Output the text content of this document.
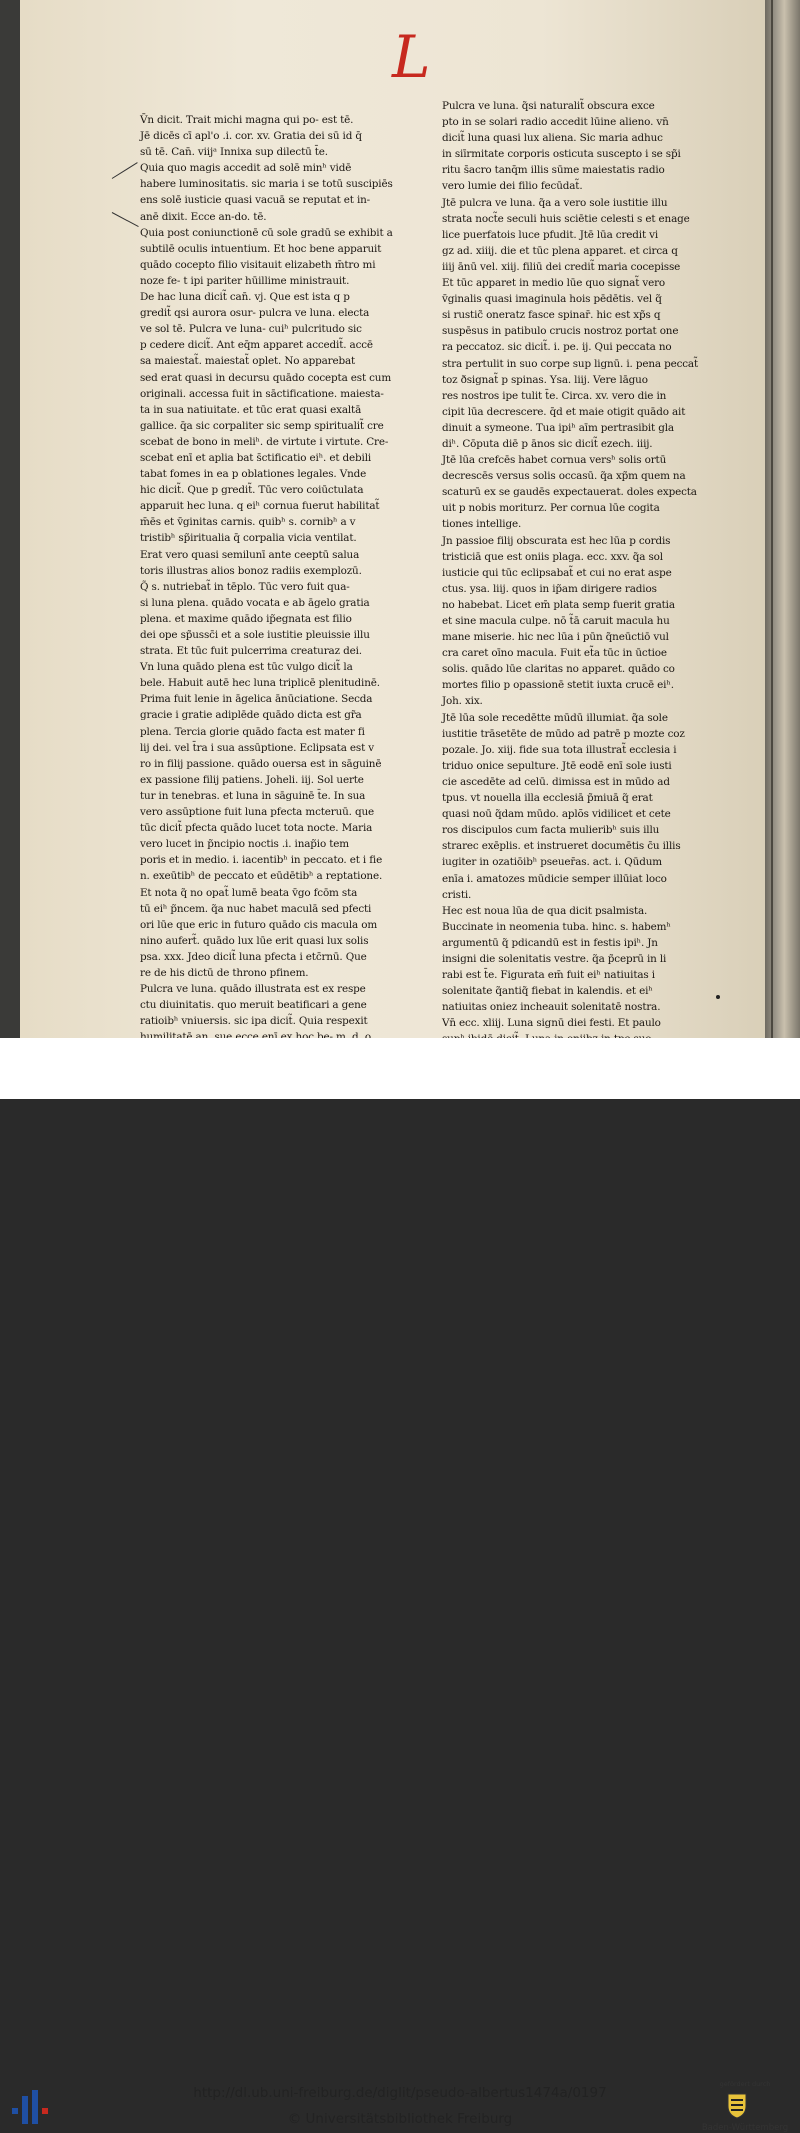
L
V̄n dicit. Trait michi magna qui po- est tē.
Jē dicēs cī apl'o .i. cor. xv. Gratia dei sū id q̄
sū tē. Can̄. viijᵃ Innixa sup dilectū t̄e.
Quia quo magis accedit ad solē minʰ vidē
habere luminositatis. sic maria i se totū suscipiēs
ens solē iusticie quasi vacuā se reputat et in-
anē dixit. Ecce an-do. tē.
Quia post coniunctionē cū sole gradū se exhibit a
subtilē oculis intuentium. Et hoc bene apparuit
quādo cocepto filio visitauit elizabeth m̄tro mi
noze fe- t ipi pariter hūillime ministrauit.
De hac luna dicit̃ can̄. vj. Que est ista q p
gredit̃ qsi aurora osur- pulcra ve luna. electa
ve sol tē. Pulcra ve luna- cuiʰ pulcritudo sic
p cedere dicit̃. Ant eq̄m apparet accedit̃. accē
sa maiestat̃. maiestat̃ oplet. No apparebat
sed erat quasi in decursu quādo cocepta est cum
originali. accessa fuit in sāctificatione. maiesta-
ta in sua natiuitate. et tūc erat quasi exaltā
gallice. q̄a sic corpaliter sic semp spiritualit̃ cre
scebat de bono in meliʰ. de virtute i virtute. Cre-
scebat enī et aplia bat s̄ctificatio eiʰ. et debili
tabat fomes in ea p oblationes legales. Vnde
hic dicit̃. Que p gredit̃. Tūc vero coiūctulata
apparuit hec luna. q eiʰ cornua fuerut habilitat̃
m̄ēs et v̄ginitas carnis. quibʰ s. cornibʰ a v
tristibʰ sp̃iritualia q̄ corpalia vicia ventilat.
Erat vero quasi semilunī ante ceeptū salua
toris illustras alios bonoz radiis exemplozū.
Q̃ s. nutriebat̃ in tēplo. Tūc vero fuit qua-
si luna plena. quādo vocata e ab āgelo gratia
plena. et maxime quādo ip̃egnata est filio
dei ope sp̃ussc̄i et a sole iustitie pleuissie illu
strata. Et tūc fuit pulcerrima creaturaz dei.
Vn luna quādo plena est tūc vulgo dicit̃ la
bele. Habuit autē hec luna triplicē plenitudinē.
Prima fuit lenie in āgelica ānūciatione. Secda
gracie i gratie adiplēde quādo dicta est gr̃a
plena. Tercia glorie quādo facta est mater fi
lij dei. vel t̄ra i sua assūptione. Eclipsata est v
ro in filij passione. quādo ouersa est in sāguinē
ex passione filij patiens. Joheli. iij. Sol uerte
tur in tenebras. et luna in sāguinē t̄e. In sua
vero assūptione fuit luna pfecta mcteruū. que
tūc dicit̃ pfecta quādo lucet tota nocte. Maria
vero lucet in p̃ncipio noctis .i. inap̃io tem
poris et in medio. i. iacentibʰ in peccato. et i fie
n. exeūtibʰ de peccato et eūdētibʰ a reptatione.
Et nota q̃ no opat̃ lumē beata v̄go fcōm sta
tū eiʰ p̃ncem. q̃a nuc habet maculā sed pfecti
ori lūe que eric in futuro quādo cis macula om
nino aufert̃. quādo lux lūe erit quasi lux solis
psa. xxx. Jdeo dicit̃ luna pfecta i etc̄rnū. Que
re de his dictū de throno pfinem.
Pulcra ve luna. quādo illustrata est ex respe
ctu diuinitatis. quo meruit beatificari a gene
ratioibʰ vniuersis. sic ipa dicit̃. Quia respexit
Pulcra ve luna. q̃si naturalit̃ obscura exce
pto in se solari radio accedit lūine alieno. vn̄
dicit̃ luna quasi lux aliena. Sic maria adhuc
in siīrmitate corporis osticuta suscepto i se sp̃i
ritu s̄acro tanq̄m illis sūme maiestatis radio
vero lumie dei filio fecūdat̃.
Jtē pulcra ve luna. q̃a a vero sole iustitie illu
strata noct̃e seculi huis sciētie celesti s et enage
lice puerfatois luce pfudit. Jtē lūa credit vi
gz ad. xiiij. die et tūc plena apparet. et circa q
iiij ānū vel. xiij. filiū dei credit̃ maria cocepisse
Et tūc apparet in medio lūe quo signat̃ vero
v̄ginalis quasi imaginula hois pēdētis. vel q̃
si rustic̃ oneratz fasce spinar̄. hic est xp̃s q
suspēsus in patibulo crucis nostroz portat one
ra peccatoz. sic dicit̃. i. pe. ij. Qui peccata no
stra pertulit in suo corpe sup lignū. i. pena peccat̃
toz ðsignat̃ p spinas. Ysa. liij. Vere lāguo
res nostros ipe tulit t̄e. Circa. xv. vero die in
cipit lūa decrescere. q̄d et maie otigit quādo ait
dinuit a symeone. Tua ipiʰ aīm pertrasibit gla
diʰ. Cōputa diē p ānos sic dicit̃ ezech. iiij.
Jtē lūa crefcēs habet cornua versʰ solis ortū
decrescēs versus solis occasū. q̃a xp̃m quem na
scaturū ex se gaudēs expectauerat. doles expecta
uit p nobis moriturz. Per cornua lūe cogita
tiones intellige.
Jn passioe filij obscurata est hec lūa p cordis
tristiciā que est oniis plaga. ecc. xxv. q̃a sol
iusticie qui tūc eclipsabat̃ et cui no erat aspe
ctus. ysa. liij. quos in ip̃am dirigere radios
no habebat. Licet em̄ plata semp fuerit gratia
et sine macula culpe. nō t̃ā caruit macula hu
mane miserie. hic nec lūa i pūn q̃neūctiō vul
cra caret oīno macula. Fuit et̃a tūc in ūctioe
solis. quādo lūe claritas no apparet. quādo co
mortes filio p opassionē stetit iuxta crucē eiʰ.
Joh. xix.
Jtē lūa sole recedētte mūdū illumiat. q̃a sole
iustitie trāsetēte de mūdo ad patrē p mozte coz
pozale. Jo. xiij. fide sua tota illustrat̃ ecclesia i
triduo onice sepulture. Jtē eodē enī sole iusti
cie ascedēte ad celū. dimissa est in mūdo ad
tpus. vt nouella illa ecclesiā p̃miuā q̃ erat
quasi noū q̃dam mūdo. aplõs vidilicet et cete
ros discipulos cum facta mulieribʰ suis illu
strarec exēplis. et instrueret documētis c̄u illis
iugiter in ozatiōibʰ pseuer̄as. act. i. Qūdum
enīa i. amatozes mūdicie semper illūiat loco
cristi.
Hec est noua lūa de qua dicit psalmista.
Buccinate in neomenia tuba. hinc. s. habemʰ
argumentū q̃ pdicandū est in festis ipiʰ. Jn
insigni die solenitatis vestre. q̃a p̃ceprū in li
rabi est t̄e. Figurata em̄ fuit eiʰ natiuitas i
solenitate q̃antiq̃ fiebat in kalendis. et eiʰ
natiuitas oniez incheauit solenitatē nostra.
Vn̄ ecc. xliij. Luna signū diei festi. Et paulo
http://dl.ub.uni-freiburg.de/diglit/pseudo-albertus1474a/0197
© Universitätsbibliothek Freiburg
gefördert durch
Baden-Württemberg
